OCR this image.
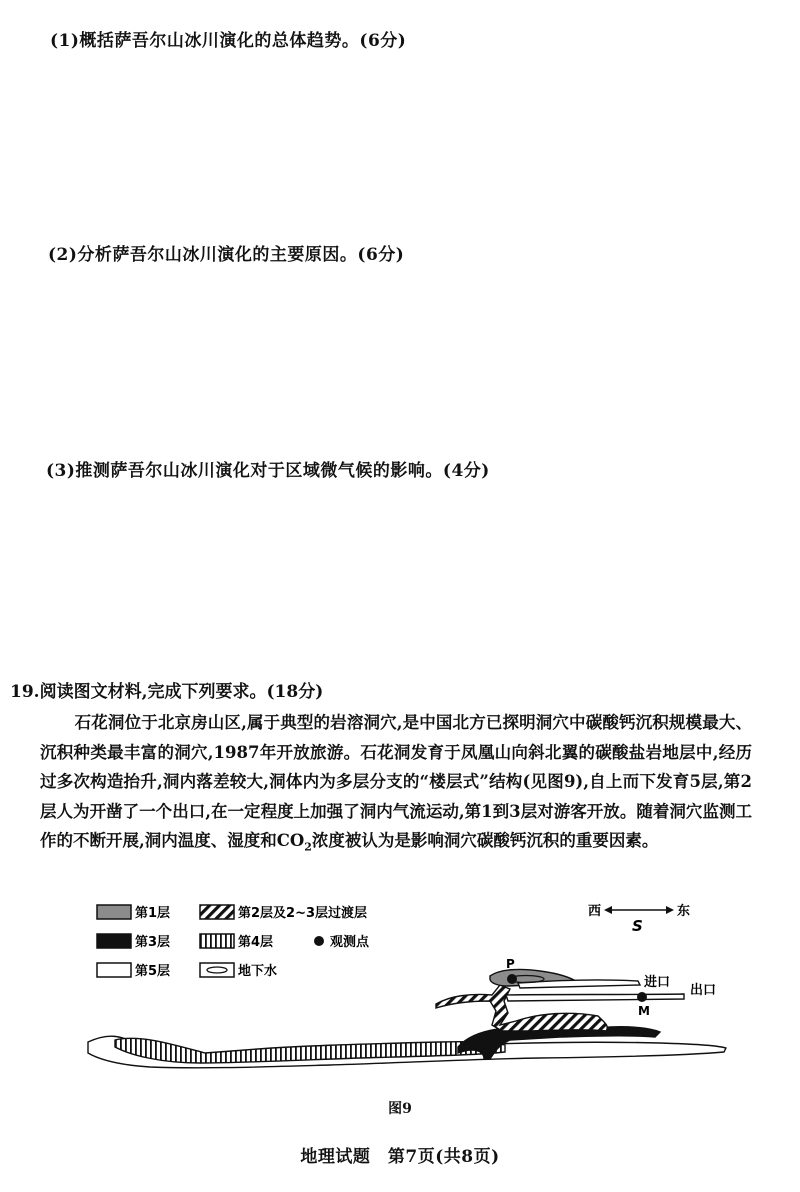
(1)概括萨吾尔山冰川演化的总体趋势。(6分)
(2)分析萨吾尔山冰川演化的主要原因。(6分)
(3)推测萨吾尔山冰川演化对于区域微气候的影响。(4分)
19.阅读图文材料,完成下列要求。(18分)
石花洞位于北京房山区,属于典型的岩溶洞穴,是中国北方已探明洞穴中碳酸钙沉积规模最大、沉积种类最丰富的洞穴,1987年开放旅游。石花洞发育于凤凰山向斜北翼的碳酸盐岩地层中,经历过多次构造抬升,洞内落差较大,洞体内为多层分支的“楼层式”结构(见图9),自上而下发育5层,第2层人为开凿了一个出口,在一定程度上加强了洞内气流运动,第1到3层对游客开放。随着洞穴监测工作的不断开展,洞内温度、湿度和$CO_2$浓度被认为是影响洞穴碳酸钙沉积的重要因素。
第1层	第2层及2~3层过渡层
第3层	第4层	观测点
第5层	地下水
西	东
S
P
M
进口
出口
图9
地理试题　第7页(共8页)
